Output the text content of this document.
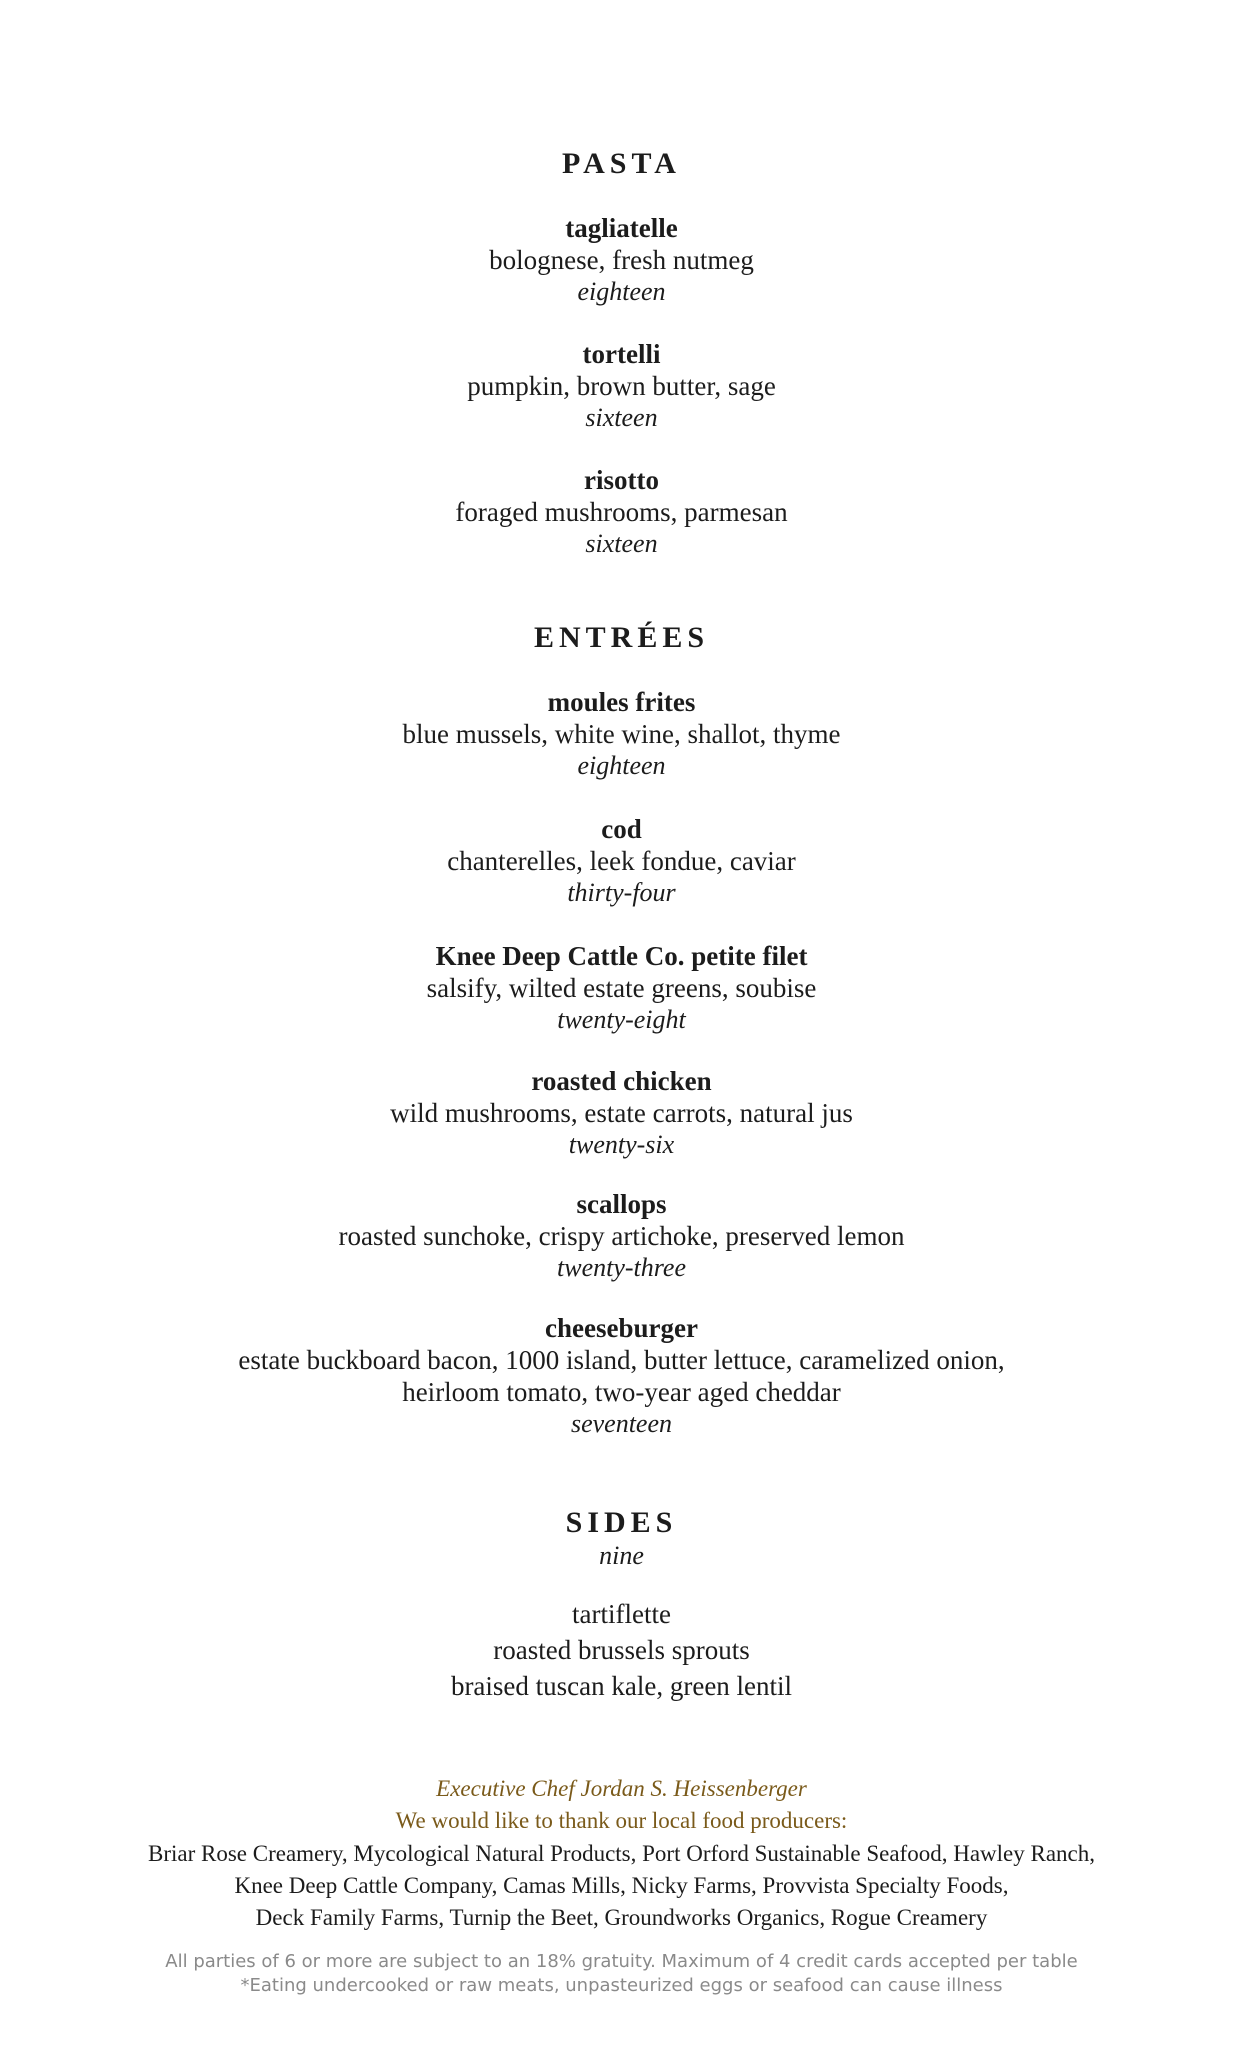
PASTA
tagliatelle
bolognese, fresh nutmeg
eighteen
tortelli
pumpkin, brown butter, sage
sixteen
risotto
foraged mushrooms, parmesan
sixteen
ENTRÉES
moules frites
blue mussels, white wine, shallot, thyme
eighteen
cod
chanterelles, leek fondue, caviar
thirty-four
Knee Deep Cattle Co. petite filet
salsify, wilted estate greens, soubise
twenty-eight
roasted chicken
wild mushrooms, estate carrots, natural jus
twenty-six
scallops
roasted sunchoke, crispy artichoke, preserved lemon
twenty-three
cheeseburger
estate buckboard bacon, 1000 island, butter lettuce, caramelized onion,
heirloom tomato, two-year aged cheddar
seventeen
SIDES
nine
tartiflette
roasted brussels sprouts
braised tuscan kale, green lentil
Executive Chef Jordan S. Heissenberger
We would like to thank our local food producers:
Briar Rose Creamery, Mycological Natural Products, Port Orford Sustainable Seafood, Hawley Ranch,
Knee Deep Cattle Company, Camas Mills, Nicky Farms, Provvista Specialty Foods,
Deck Family Farms, Turnip the Beet, Groundworks Organics, Rogue Creamery
All parties of 6 or more are subject to an 18% gratuity. Maximum of 4 credit cards accepted per table
*Eating undercooked or raw meats, unpasteurized eggs or seafood can cause illness
